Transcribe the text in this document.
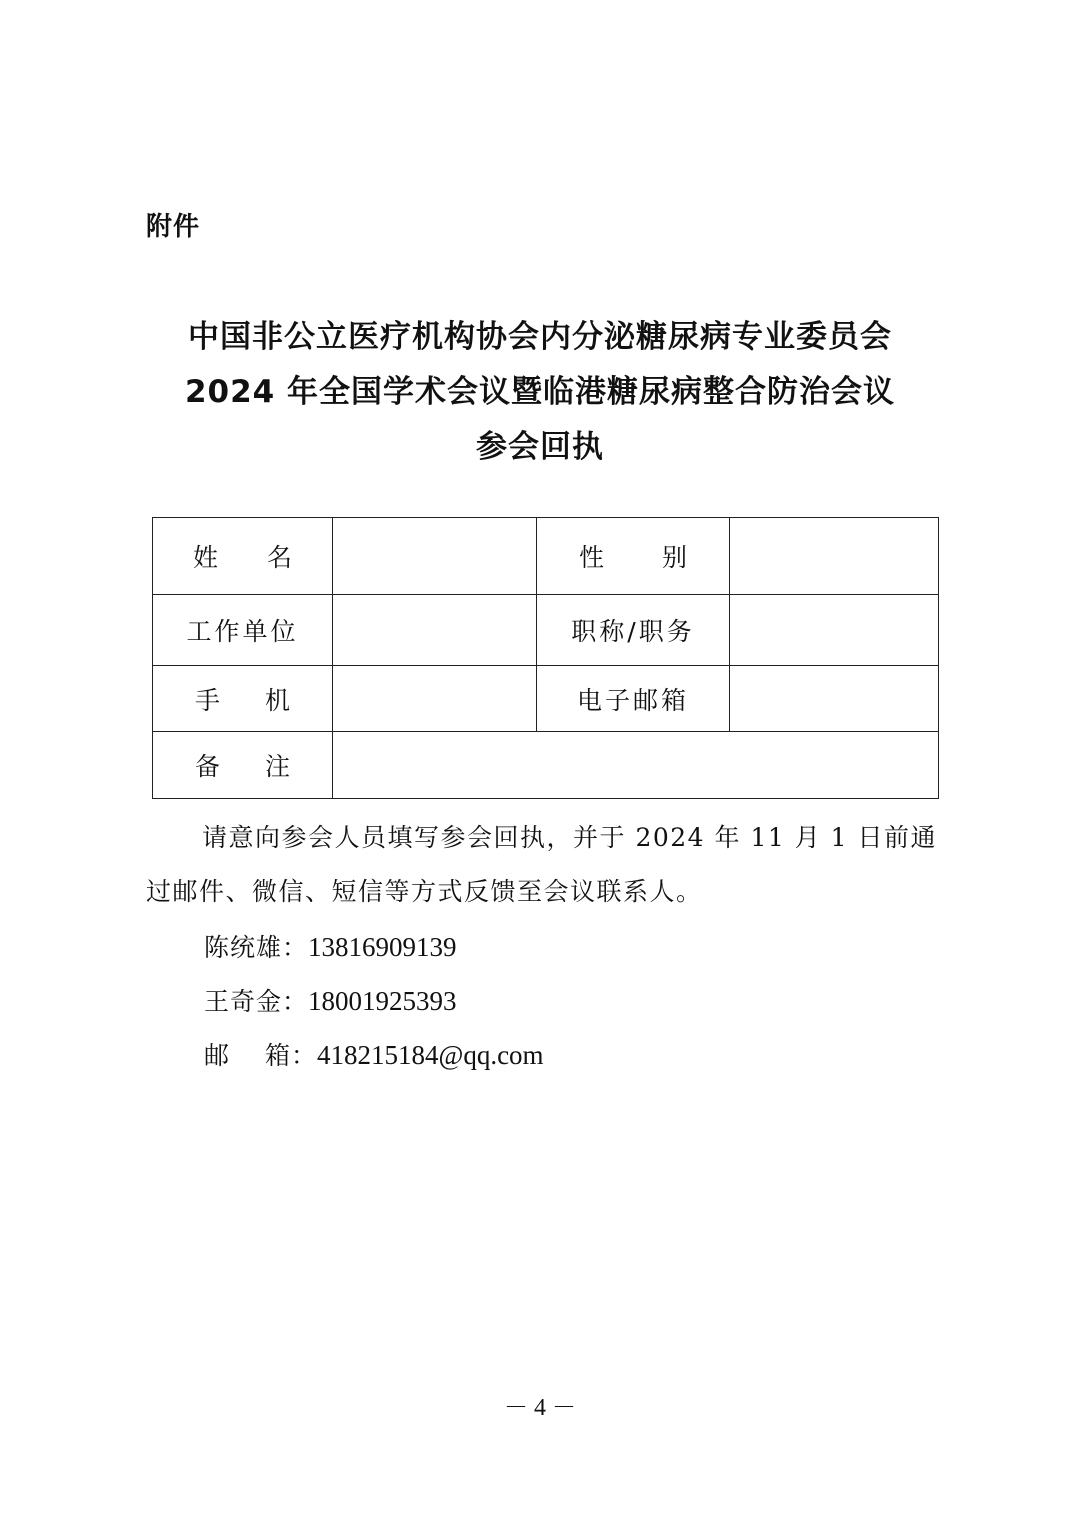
附件
中国非公立医疗机构协会内分泌糖尿病专业委员会
2024 年全国学术会议暨临港糖尿病整合防治会议
参会回执
姓 名		性 别	

工作单位		职称/职务	

手 机		电子邮箱	

备 注			

请意向参会人员填写参会回执，并于 2024 年 11 月 1 日前通
过邮件、微信、短信等方式反馈至会议联系人。
陈统雄：13816909139
王奇金：18001925393
邮　 箱：418215184@qq.com
－ 4 －
